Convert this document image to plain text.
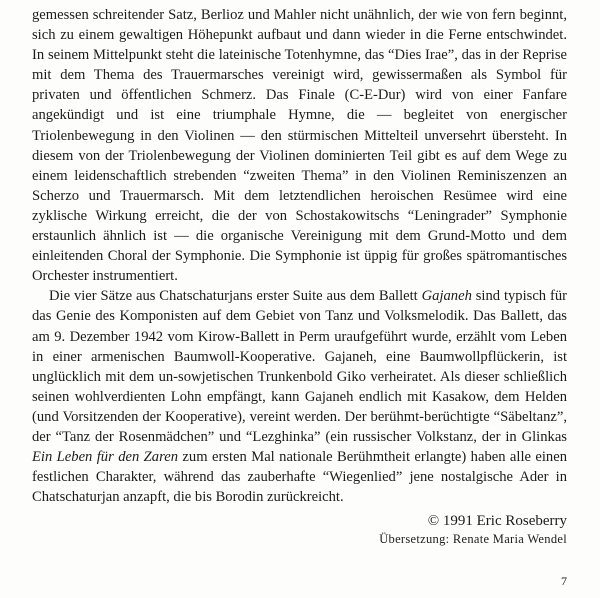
gemessen schreitender Satz, Berlioz und Mahler nicht unähnlich, der wie von fern beginnt, sich zu einem gewaltigen Höhepunkt aufbaut und dann wieder in die Ferne entschwindet. In seinem Mittelpunkt steht die lateinische Totenhymne, das “Dies Irae”, das in der Reprise mit dem Thema des Trauermarsches vereinigt wird, gewissermaßen als Symbol für privaten und öffentlichen Schmerz. Das Finale (C-E-Dur) wird von einer Fanfare angekündigt und ist eine triumphale Hymne, die — begleitet von energischer Triolenbewegung in den Violinen — den stürmischen Mittelteil unversehrt übersteht. In diesem von der Triolenbewegung der Violinen dominierten Teil gibt es auf dem Wege zu einem leidenschaftlich strebenden “zweiten Thema” in den Violinen Reminiszenzen an Scherzo und Trauermarsch. Mit dem letztendlichen heroischen Resümee wird eine zyklische Wirkung erreicht, die der von Schostakowitschs “Leningrader” Symphonie erstaunlich ähnlich ist — die organische Vereinigung mit dem Grund-Motto und dem einleitenden Choral der Symphonie. Die Symphonie ist üppig für großes spätromantisches Orchester instrumentiert.

Die vier Sätze aus Chatschaturjans erster Suite aus dem Ballett Gajaneh sind typisch für das Genie des Komponisten auf dem Gebiet von Tanz und Volksmelodik. Das Ballett, das am 9. Dezember 1942 vom Kirow-Ballett in Perm uraufgeführt wurde, erzählt vom Leben in einer armenischen Baumwoll-Kooperative. Gajaneh, eine Baumwollpflückerin, ist unglücklich mit dem un-sowjetischen Trunkenbold Giko verheiratet. Als dieser schließlich seinen wohlverdienten Lohn empfängt, kann Gajaneh endlich mit Kasakow, dem Helden (und Vorsitzenden der Kooperative), vereint werden. Der berühmt-berüchtigte “Säbeltanz”, der “Tanz der Rosenmädchen” und “Lezghinka” (ein russischer Volkstanz, der in Glinkas Ein Leben für den Zaren zum ersten Mal nationale Berühmtheit erlangte) haben alle einen festlichen Charakter, während das zauberhafte “Wiegenlied” jene nostalgische Ader in Chatschaturjan anzapft, die bis Borodin zurückreicht.

© 1991 Eric Roseberry

Übersetzung: Renate Maria Wendel

7
